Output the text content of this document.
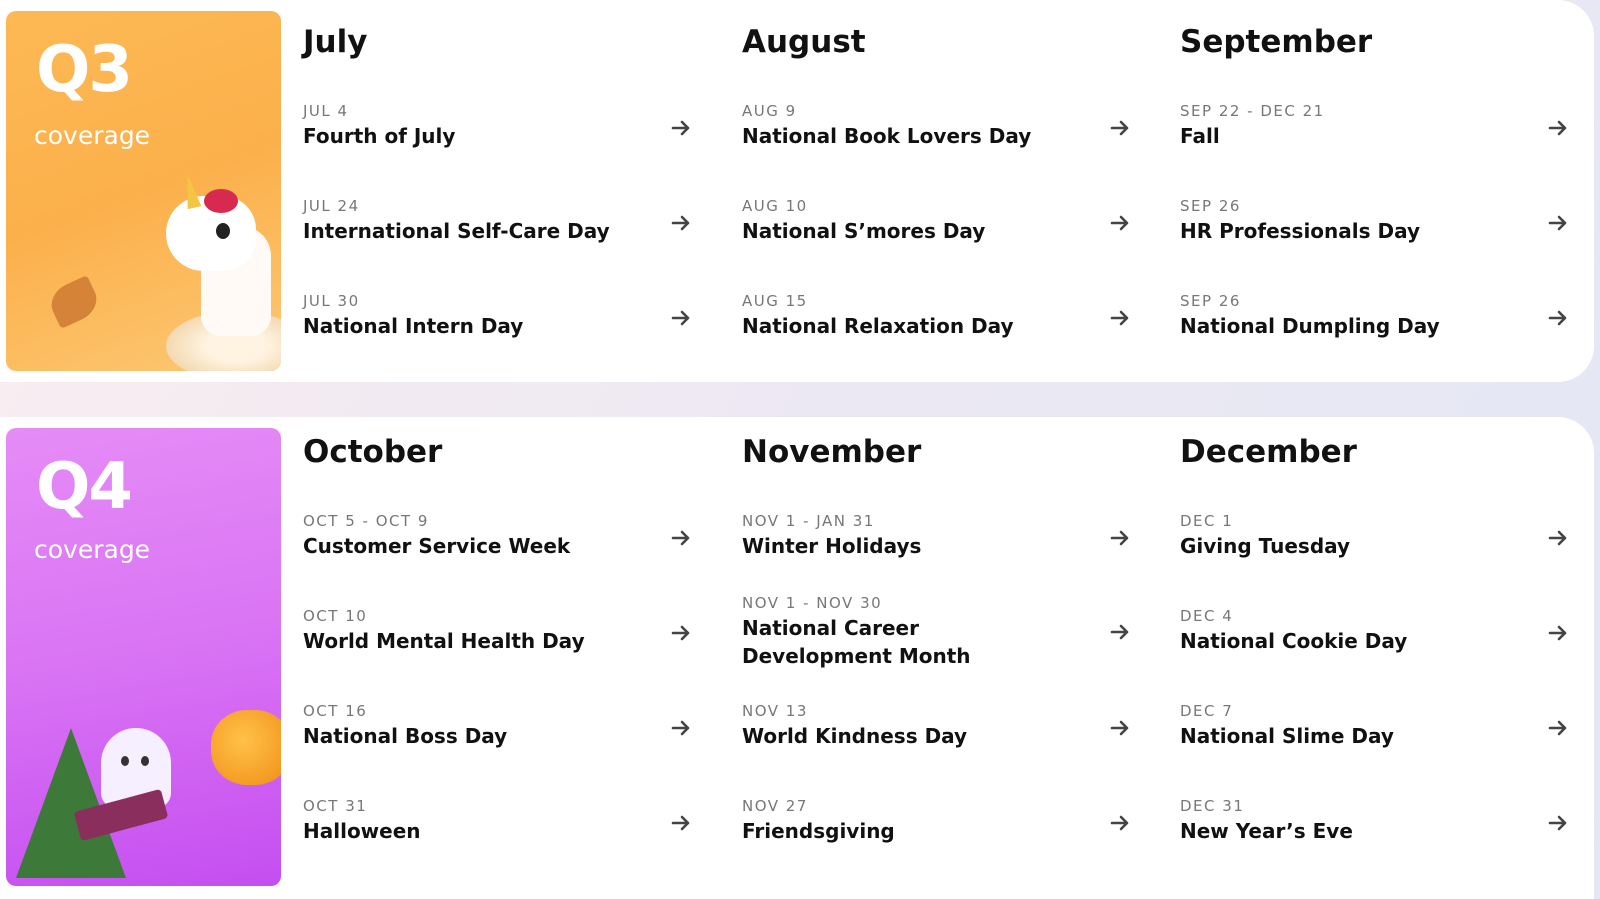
Q3
coverage
July
JUL 4
Fourth of July
JUL 24
International Self-Care Day
JUL 30
National Intern Day
August
AUG 9
National Book Lovers Day
AUG 10
National S’mores Day
AUG 15
National Relaxation Day
September
SEP 22 - DEC 21
Fall
SEP 26
HR Professionals Day
SEP 26
National Dumpling Day
Q4
coverage
October
OCT 5 - OCT 9
Customer Service Week
OCT 10
World Mental Health Day
OCT 16
National Boss Day
OCT 31
Halloween
November
NOV 1 - JAN 31
Winter Holidays
NOV 1 - NOV 30
National Career Development Month
NOV 13
World Kindness Day
NOV 27
Friendsgiving
December
DEC 1
Giving Tuesday
DEC 4
National Cookie Day
DEC 7
National Slime Day
DEC 31
New Year’s Eve
